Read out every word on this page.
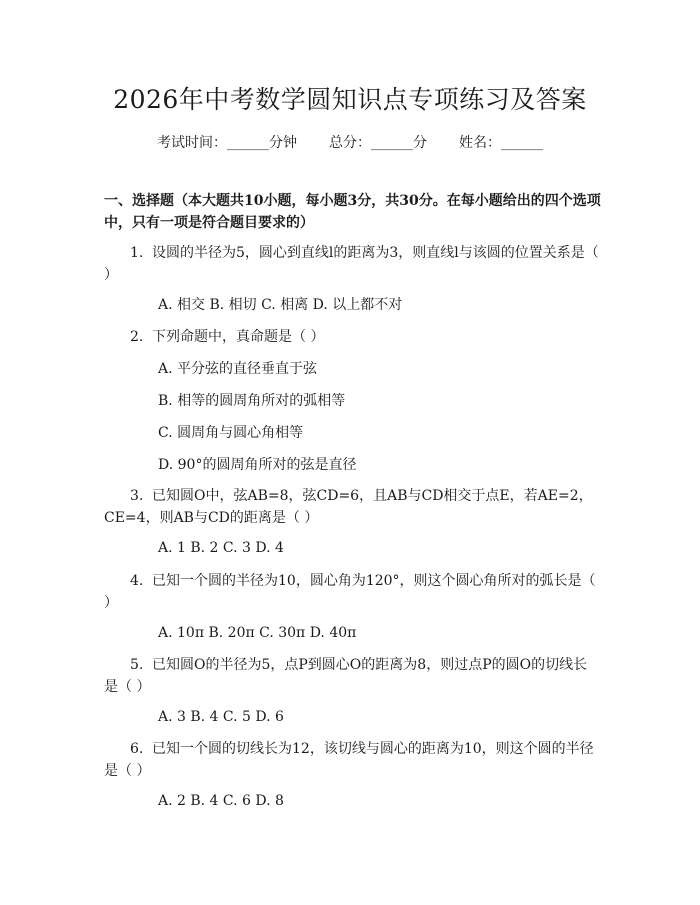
2026年中考数学圆知识点专项练习及答案
考试时间：______分钟 总分：______分 姓名：______
一、选择题（本大题共10小题，每小题3分，共30分。在每小题给出的四个选项中，只有一项是符合题目要求的）
1. 设圆的半径为5，圆心到直线l的距离为3，则直线l与该圆的位置关系是（ ）
A. 相交 B. 相切 C. 相离 D. 以上都不对
2. 下列命题中，真命题是（ ）
A. 平分弦的直径垂直于弦
B. 相等的圆周角所对的弧相等
C. 圆周角与圆心角相等
D. 90°的圆周角所对的弦是直径
3. 已知圆O中，弦AB=8，弦CD=6，且AB与CD相交于点E，若AE=2，CE=4，则AB与CD的距离是（ ）
A. 1 B. 2 C. 3 D. 4
4. 已知一个圆的半径为10，圆心角为120°，则这个圆心角所对的弧长是（ ）
A. 10π B. 20π C. 30π D. 40π
5. 已知圆O的半径为5，点P到圆心O的距离为8，则过点P的圆O的切线长是（ ）
A. 3 B. 4 C. 5 D. 6
6. 已知一个圆的切线长为12，该切线与圆心的距离为10，则这个圆的半径是（ ）
A. 2 B. 4 C. 6 D. 8
